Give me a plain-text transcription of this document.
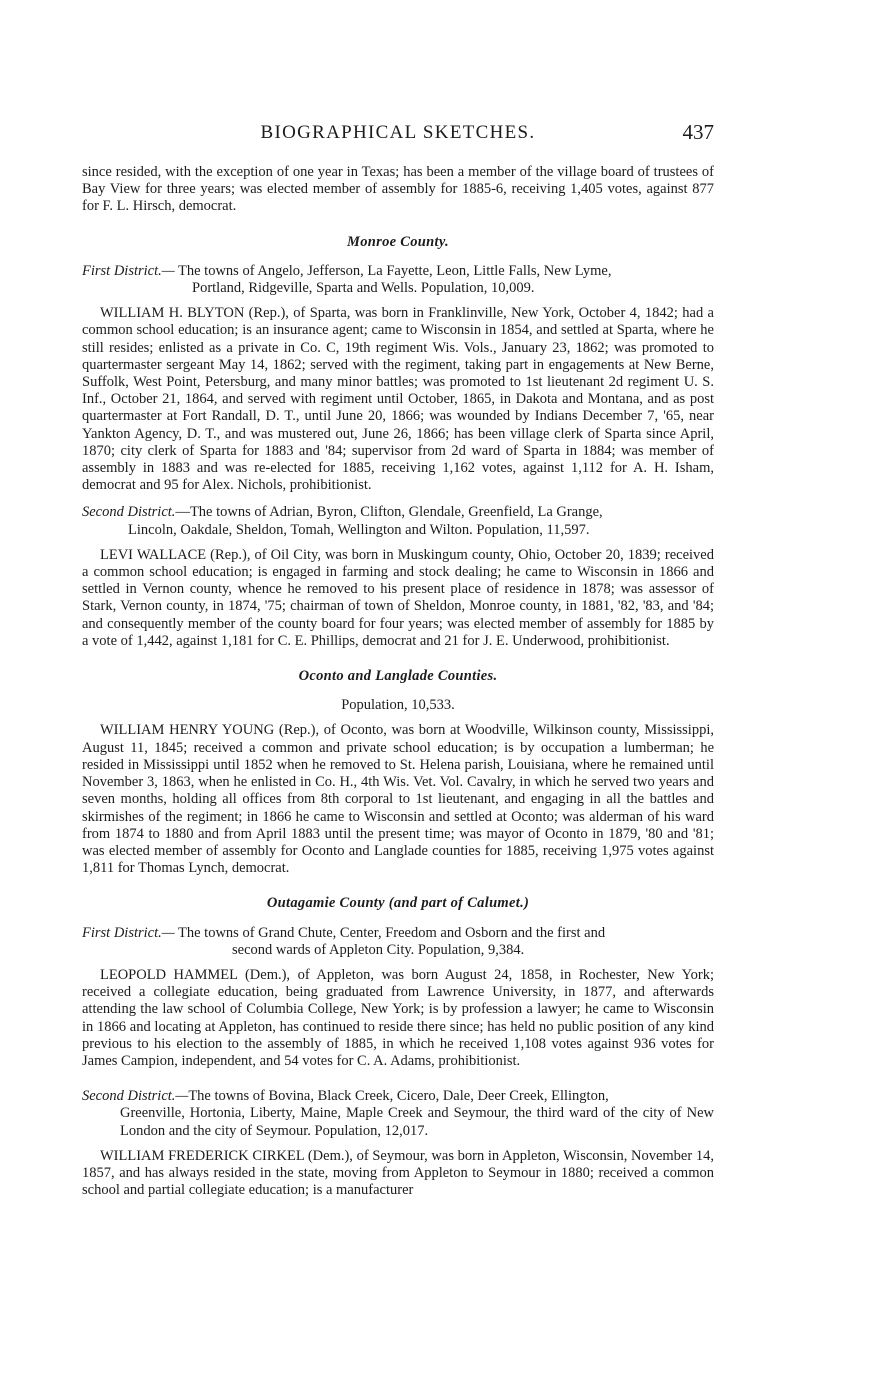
BIOGRAPHICAL SKETCHES.	437

since resided, with the exception of one year in Texas; has been a member of the village board of trustees of Bay View for three years; was elected member of assembly for 1885-6, receiving 1,405 votes, against 877 for F. L. Hirsch, democrat.

Monroe County.
First District.— The towns of Angelo, Jefferson, La Fayette, Leon, Little Falls, New Lyme,
Portland, Ridgeville, Sparta and Wells. Population, 10,009.

WILLIAM H. BLYTON (Rep.), of Sparta, was born in Franklinville, New York, October 4, 1842; had a common school education; is an insurance agent; came to Wisconsin in 1854, and settled at Sparta, where he still resides; enlisted as a private in Co. C, 19th regiment Wis. Vols., January 23, 1862; was promoted to quartermaster sergeant May 14, 1862; served with the regiment, taking part in engagements at New Berne, Suffolk, West Point, Petersburg, and many minor battles; was promoted to 1st lieutenant 2d regiment U. S. Inf., October 21, 1864, and served with regiment until October, 1865, in Dakota and Montana, and as post quartermaster at Fort Randall, D. T., until June 20, 1866; was wounded by Indians December 7, '65, near Yankton Agency, D. T., and was mustered out, June 26, 1866; has been village clerk of Sparta since April, 1870; city clerk of Sparta for 1883 and '84; supervisor from 2d ward of Sparta in 1884; was member of assembly in 1883 and was re-elected for 1885, receiving 1,162 votes, against 1,112 for A. H. Isham, democrat and 95 for Alex. Nichols, prohibitionist.

Second District.—The towns of Adrian, Byron, Clifton, Glendale, Greenfield, La Grange,
Lincoln, Oakdale, Sheldon, Tomah, Wellington and Wilton. Population, 11,597.

LEVI WALLACE (Rep.), of Oil City, was born in Muskingum county, Ohio, October 20, 1839; received a common school education; is engaged in farming and stock dealing; he came to Wisconsin in 1866 and settled in Vernon county, whence he removed to his present place of residence in 1878; was assessor of Stark, Vernon county, in 1874, '75; chairman of town of Sheldon, Monroe county, in 1881, '82, '83, and '84; and consequently member of the county board for four years; was elected member of assembly for 1885 by a vote of 1,442, against 1,181 for C. E. Phillips, democrat and 21 for J. E. Underwood, prohibitionist.

Oconto and Langlade Counties.
Population, 10,533.

WILLIAM HENRY YOUNG (Rep.), of Oconto, was born at Woodville, Wilkinson county, Mississippi, August 11, 1845; received a common and private school education; is by occupation a lumberman; he resided in Mississippi until 1852 when he removed to St. Helena parish, Louisiana, where he remained until November 3, 1863, when he enlisted in Co. H., 4th Wis. Vet. Vol. Cavalry, in which he served two years and seven months, holding all offices from 8th corporal to 1st lieutenant, and engaging in all the battles and skirmishes of the regiment; in 1866 he came to Wisconsin and settled at Oconto; was alderman of his ward from 1874 to 1880 and from April 1883 until the present time; was mayor of Oconto in 1879, '80 and '81; was elected member of assembly for Oconto and Langlade counties for 1885, receiving 1,975 votes against 1,811 for Thomas Lynch, democrat.

Outagamie County (and part of Calumet.)
First District.— The towns of Grand Chute, Center, Freedom and Osborn and the first and
second wards of Appleton City. Population, 9,384.

LEOPOLD HAMMEL (Dem.), of Appleton, was born August 24, 1858, in Rochester, New York; received a collegiate education, being graduated from Lawrence University, in 1877, and afterwards attending the law school of Columbia College, New York; is by profession a lawyer; he came to Wisconsin in 1866 and locating at Appleton, has continued to reside there since; has held no public position of any kind previous to his election to the assembly of 1885, in which he received 1,108 votes against 936 votes for James Campion, independent, and 54 votes for C. A. Adams, prohibitionist.

Second District.—The towns of Bovina, Black Creek, Cicero, Dale, Deer Creek, Ellington,
Greenville, Hortonia, Liberty, Maine, Maple Creek and Seymour, the third ward of the city of New London and the city of Seymour. Population, 12,017.

WILLIAM FREDERICK CIRKEL (Dem.), of Seymour, was born in Appleton, Wisconsin, November 14, 1857, and has always resided in the state, moving from Appleton to Seymour in 1880; received a common school and partial collegiate education; is a manufacturer
